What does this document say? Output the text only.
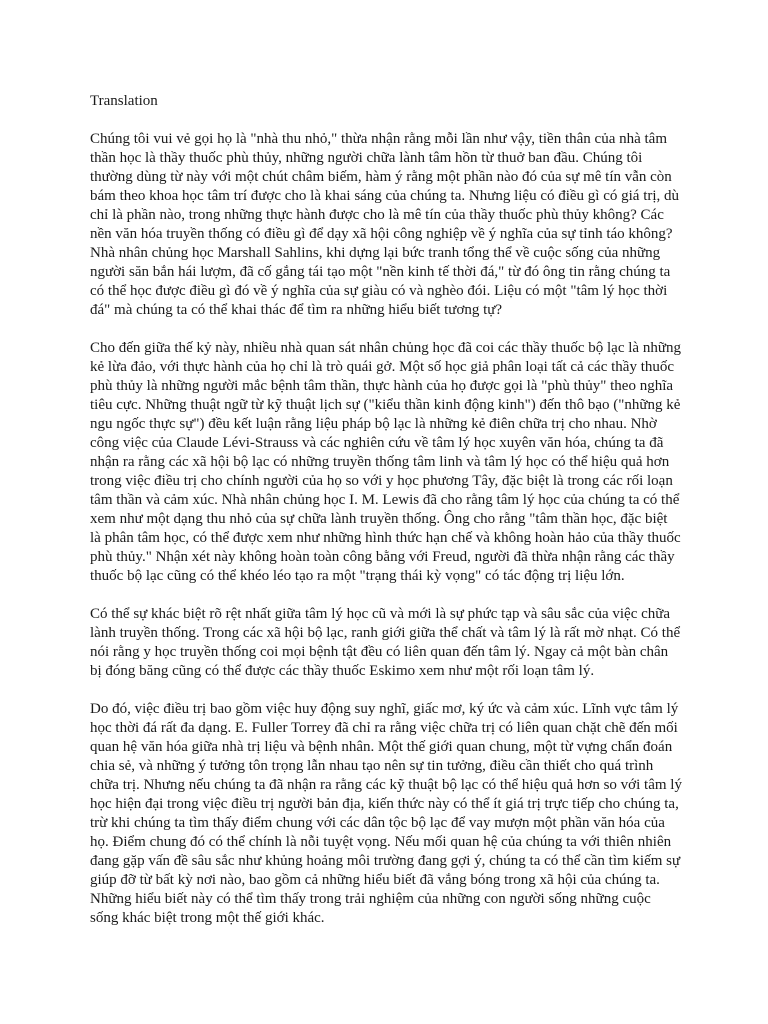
Translation

Chúng tôi vui vẻ gọi họ là "nhà thu nhỏ," thừa nhận rằng mỗi lần như vậy, tiền thân của nhà tâm thần học là thầy thuốc phù thủy, những người chữa lành tâm hồn từ thuở ban đầu. Chúng tôi thường dùng từ này với một chút châm biếm, hàm ý rằng một phần nào đó của sự mê tín vẫn còn bám theo khoa học tâm trí được cho là khai sáng của chúng ta. Nhưng liệu có điều gì có giá trị, dù chỉ là phần nào, trong những thực hành được cho là mê tín của thầy thuốc phù thủy không? Các nền văn hóa truyền thống có điều gì để dạy xã hội công nghiệp về ý nghĩa của sự tỉnh táo không? Nhà nhân chủng học Marshall Sahlins, khi dựng lại bức tranh tổng thể về cuộc sống của những người săn bắn hái lượm, đã cố gắng tái tạo một "nền kinh tế thời đá," từ đó ông tin rằng chúng ta có thể học được điều gì đó về ý nghĩa của sự giàu có và nghèo đói. Liệu có một "tâm lý học thời đá" mà chúng ta có thể khai thác để tìm ra những hiểu biết tương tự?

Cho đến giữa thế kỷ này, nhiều nhà quan sát nhân chủng học đã coi các thầy thuốc bộ lạc là những kẻ lừa đảo, với thực hành của họ chỉ là trò quái gở. Một số học giả phân loại tất cả các thầy thuốc phù thủy là những người mắc bệnh tâm thần, thực hành của họ được gọi là "phù thủy" theo nghĩa tiêu cực. Những thuật ngữ từ kỹ thuật lịch sự ("kiểu thần kinh động kinh") đến thô bạo ("những kẻ ngu ngốc thực sự") đều kết luận rằng liệu pháp bộ lạc là những kẻ điên chữa trị cho nhau. Nhờ công việc của Claude Lévi-Strauss và các nghiên cứu về tâm lý học xuyên văn hóa, chúng ta đã nhận ra rằng các xã hội bộ lạc có những truyền thống tâm linh và tâm lý học có thể hiệu quả hơn trong việc điều trị cho chính người của họ so với y học phương Tây, đặc biệt là trong các rối loạn tâm thần và cảm xúc. Nhà nhân chủng học I. M. Lewis đã cho rằng tâm lý học của chúng ta có thể xem như một dạng thu nhỏ của sự chữa lành truyền thống. Ông cho rằng "tâm thần học, đặc biệt là phân tâm học, có thể được xem như những hình thức hạn chế và không hoàn hảo của thầy thuốc phù thủy." Nhận xét này không hoàn toàn công bằng với Freud, người đã thừa nhận rằng các thầy thuốc bộ lạc cũng có thể khéo léo tạo ra một "trạng thái kỳ vọng" có tác động trị liệu lớn.

Có thể sự khác biệt rõ rệt nhất giữa tâm lý học cũ và mới là sự phức tạp và sâu sắc của việc chữa lành truyền thống. Trong các xã hội bộ lạc, ranh giới giữa thể chất và tâm lý là rất mờ nhạt. Có thể nói rằng y học truyền thống coi mọi bệnh tật đều có liên quan đến tâm lý. Ngay cả một bàn chân bị đóng băng cũng có thể được các thầy thuốc Eskimo xem như một rối loạn tâm lý.

Do đó, việc điều trị bao gồm việc huy động suy nghĩ, giấc mơ, ký ức và cảm xúc. Lĩnh vực tâm lý học thời đá rất đa dạng. E. Fuller Torrey đã chỉ ra rằng việc chữa trị có liên quan chặt chẽ đến mối quan hệ văn hóa giữa nhà trị liệu và bệnh nhân. Một thế giới quan chung, một từ vựng chẩn đoán chia sẻ, và những ý tưởng tôn trọng lẫn nhau tạo nên sự tin tưởng, điều cần thiết cho quá trình chữa trị. Nhưng nếu chúng ta đã nhận ra rằng các kỹ thuật bộ lạc có thể hiệu quả hơn so với tâm lý học hiện đại trong việc điều trị người bản địa, kiến thức này có thể ít giá trị trực tiếp cho chúng ta, trừ khi chúng ta tìm thấy điểm chung với các dân tộc bộ lạc để vay mượn một phần văn hóa của họ. Điểm chung đó có thể chính là nỗi tuyệt vọng. Nếu mối quan hệ của chúng ta với thiên nhiên đang gặp vấn đề sâu sắc như khủng hoảng môi trường đang gợi ý, chúng ta có thể cần tìm kiếm sự giúp đỡ từ bất kỳ nơi nào, bao gồm cả những hiểu biết đã vắng bóng trong xã hội của chúng ta. Những hiểu biết này có thể tìm thấy trong trải nghiệm của những con người sống những cuộc sống khác biệt trong một thế giới khác.
